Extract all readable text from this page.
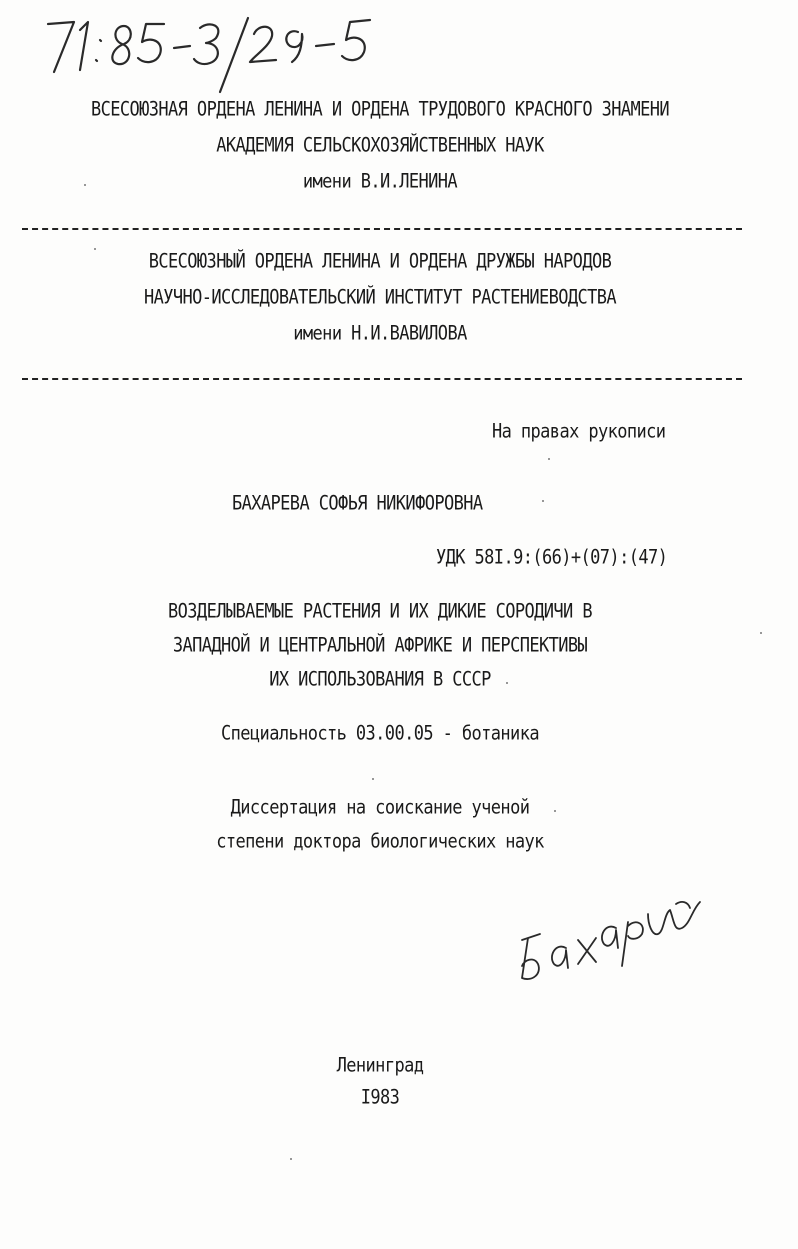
ВСЕСОЮЗНАЯ ОРДЕНА ЛЕНИНА И ОРДЕНА ТРУДОВОГО КРАСНОГО ЗНАМЕНИ
АКАДЕМИЯ СЕЛЬСКОХОЗЯЙСТВЕННЫХ НАУК
имени В.И.ЛЕНИНА
ВСЕСОЮЗНЫЙ ОРДЕНА ЛЕНИНА И ОРДЕНА ДРУЖБЫ НАРОДОВ
НАУЧНО-ИССЛЕДОВАТЕЛЬСКИЙ ИНСТИТУТ РАСТЕНИЕВОДСТВА
имени Н.И.ВАВИЛОВА
На правах рукописи
БАХАРЕВА СОФЬЯ НИКИФОРОВНА
УДК 58I.9:(66)+(07):(47)
ВОЗДЕЛЫВАЕМЫЕ РАСТЕНИЯ И ИХ ДИКИЕ СОРОДИЧИ В
ЗАПАДНОЙ И ЦЕНТРАЛЬНОЙ АФРИКЕ И ПЕРСПЕКТИВЫ
ИХ ИСПОЛЬЗОВАНИЯ В СССР
Специальность 03.00.05 - ботаника
Диссертация на соискание ученой
степени доктора биологических наук
Ленинград
I983
